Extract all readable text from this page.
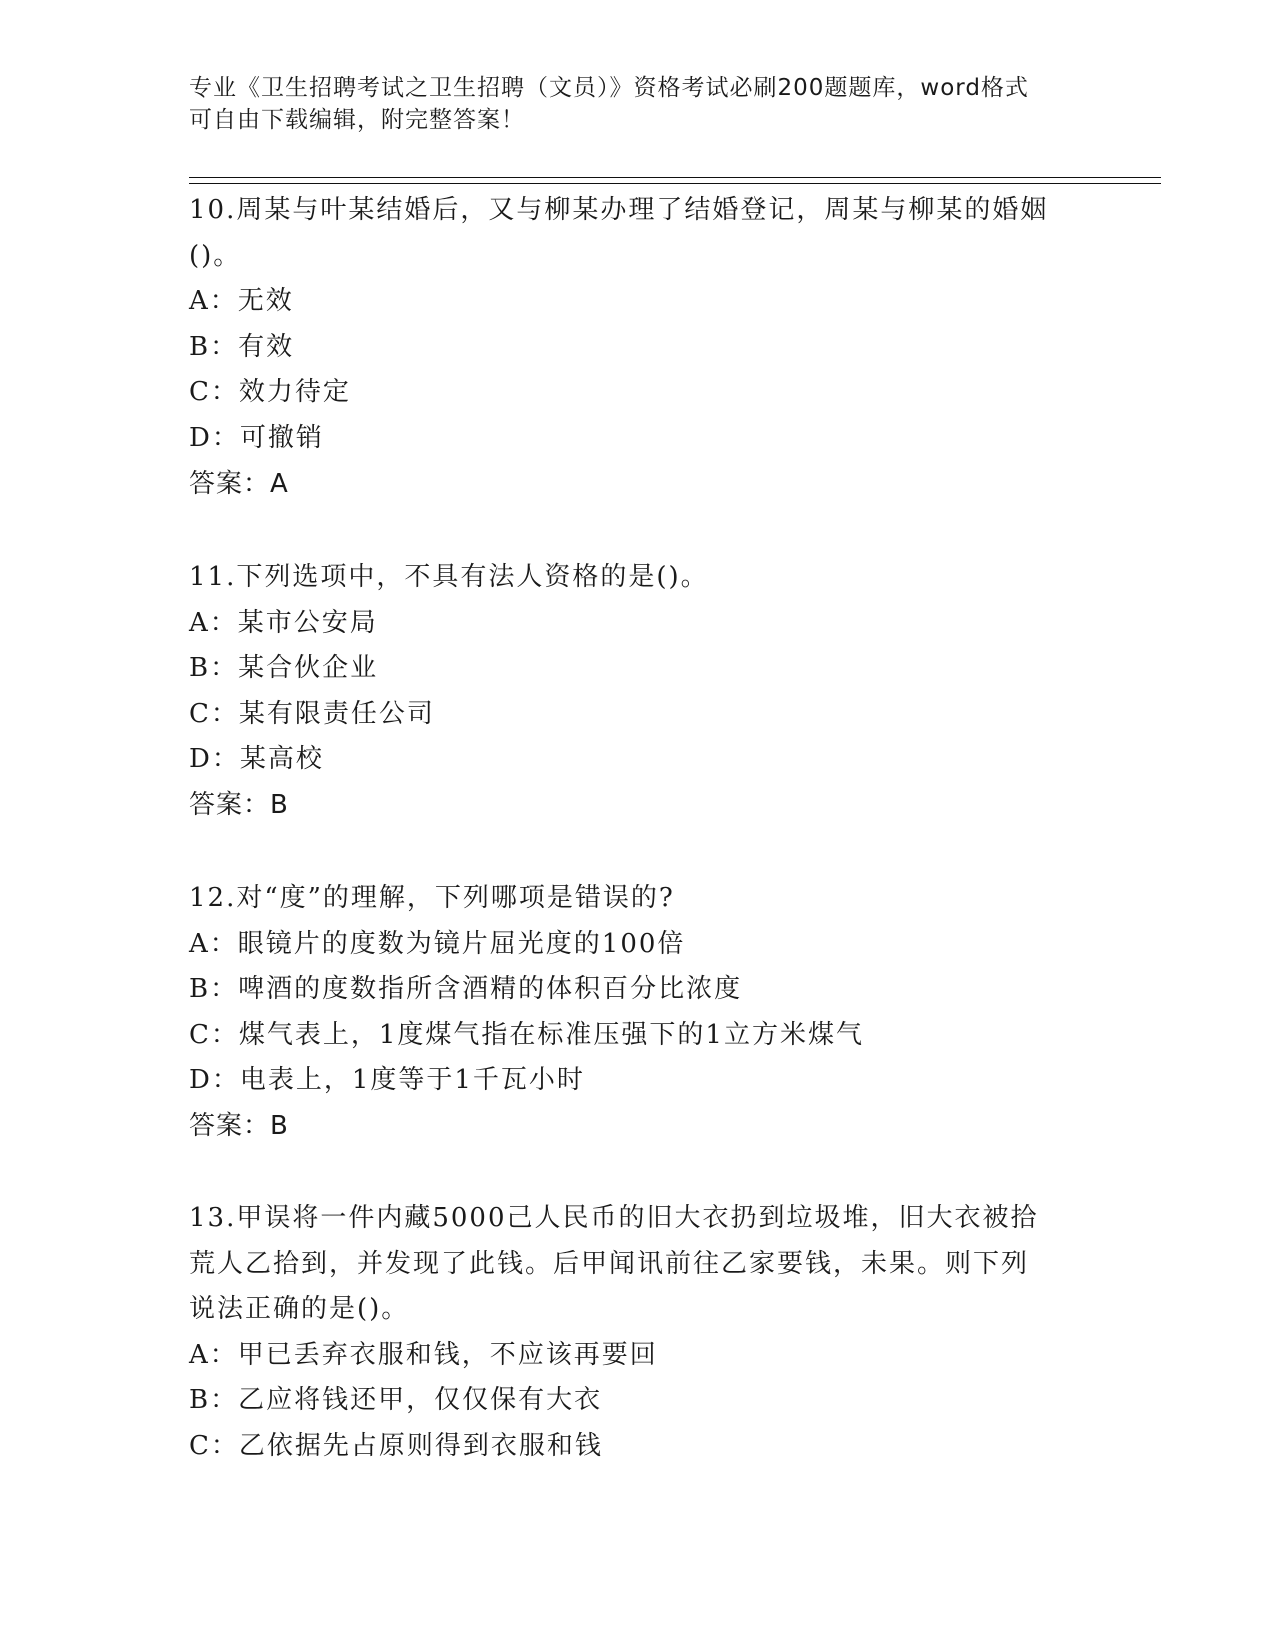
专业《卫生招聘考试之卫生招聘（文员）》资格考试必刷200题题库，word格式
可自由下载编辑，附完整答案！
10.周某与叶某结婚后，又与柳某办理了结婚登记，周某与柳某的婚姻
()。
A：无效
B：有效
C：效力待定
D：可撤销
答案：A
11.下列选项中，不具有法人资格的是()。
A：某市公安局
B：某合伙企业
C：某有限责任公司
D：某高校
答案：B
12.对“度”的理解，下列哪项是错误的?
A：眼镜片的度数为镜片屈光度的100倍
B：啤酒的度数指所含酒精的体积百分比浓度
C：煤气表上，1度煤气指在标准压强下的1立方米煤气
D：电表上，1度等于1千瓦小时
答案：B
13.甲误将一件内藏5000己人民币的旧大衣扔到垃圾堆，旧大衣被拾
荒人乙拾到，并发现了此钱。后甲闻讯前往乙家要钱，未果。则下列
说法正确的是()。
A：甲已丢弃衣服和钱，不应该再要回
B：乙应将钱还甲，仅仅保有大衣
C：乙依据先占原则得到衣服和钱
